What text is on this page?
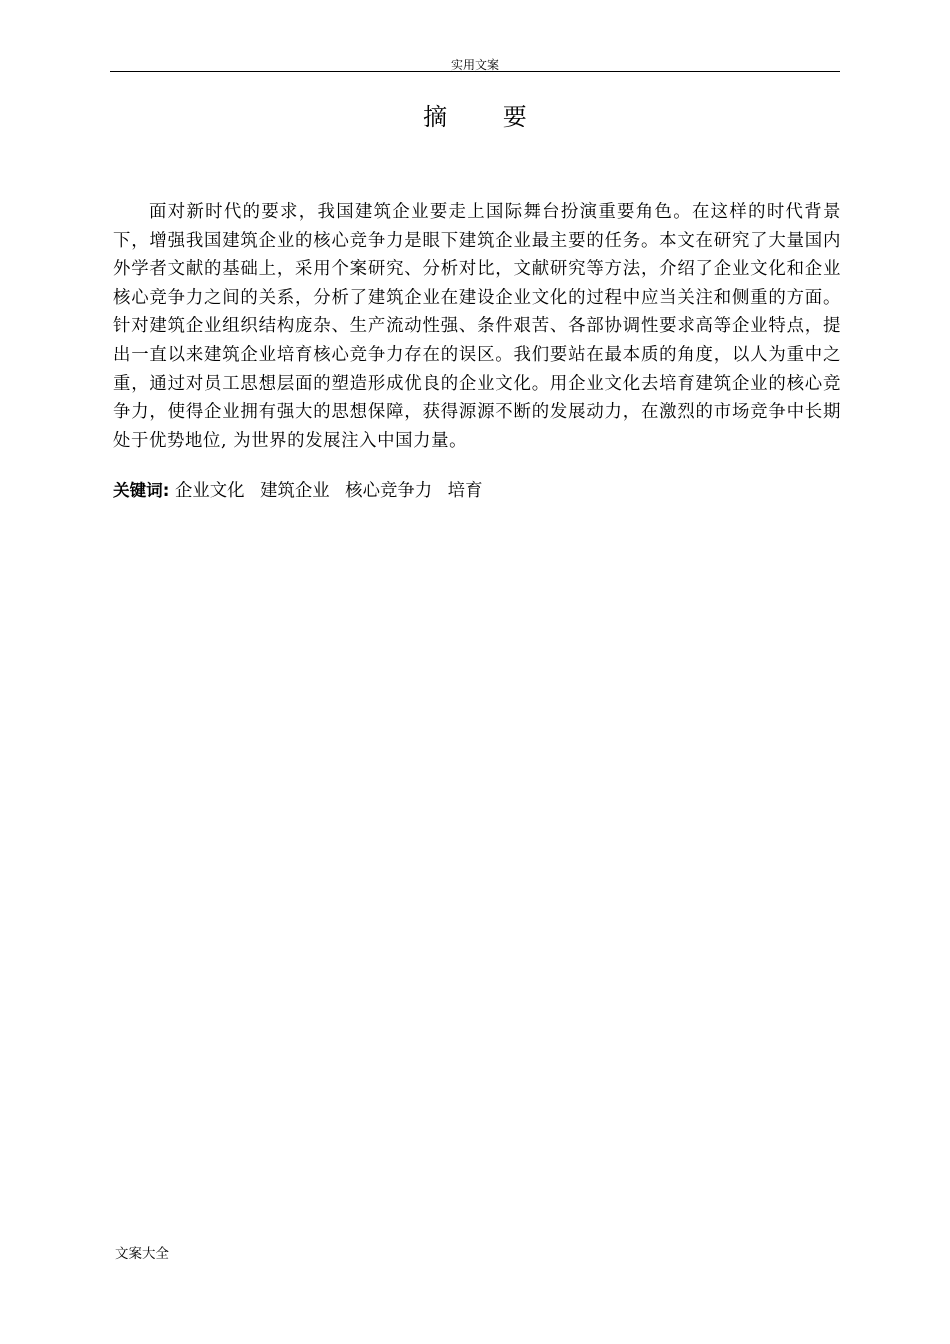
实用文案
摘 要

面对新时代的要求，我国建筑企业要走上国际舞台扮演重要角色。在这样的时代背景下，增强我国建筑企业的核心竞争力是眼下建筑企业最主要的任务。本文在研究了大量国内外学者文献的基础上，采用个案研究、分析对比，文献研究等方法，介绍了企业文化和企业核心竞争力之间的关系，分析了建筑企业在建设企业文化的过程中应当关注和侧重的方面。针对建筑企业组织结构庞杂、生产流动性强、条件艰苦、各部协调性要求高等企业特点，提出一直以来建筑企业培育核心竞争力存在的误区。我们要站在最本质的角度，以人为重中之重，通过对员工思想层面的塑造形成优良的企业文化。用企业文化去培育建筑企业的核心竞争力，使得企业拥有强大的思想保障，获得源源不断的发展动力，在激烈的市场竞争中长期处于优势地位, 为世界的发展注入中国力量。

关键词: 企业文化 建筑企业 核心竞争力 培育
文案大全
